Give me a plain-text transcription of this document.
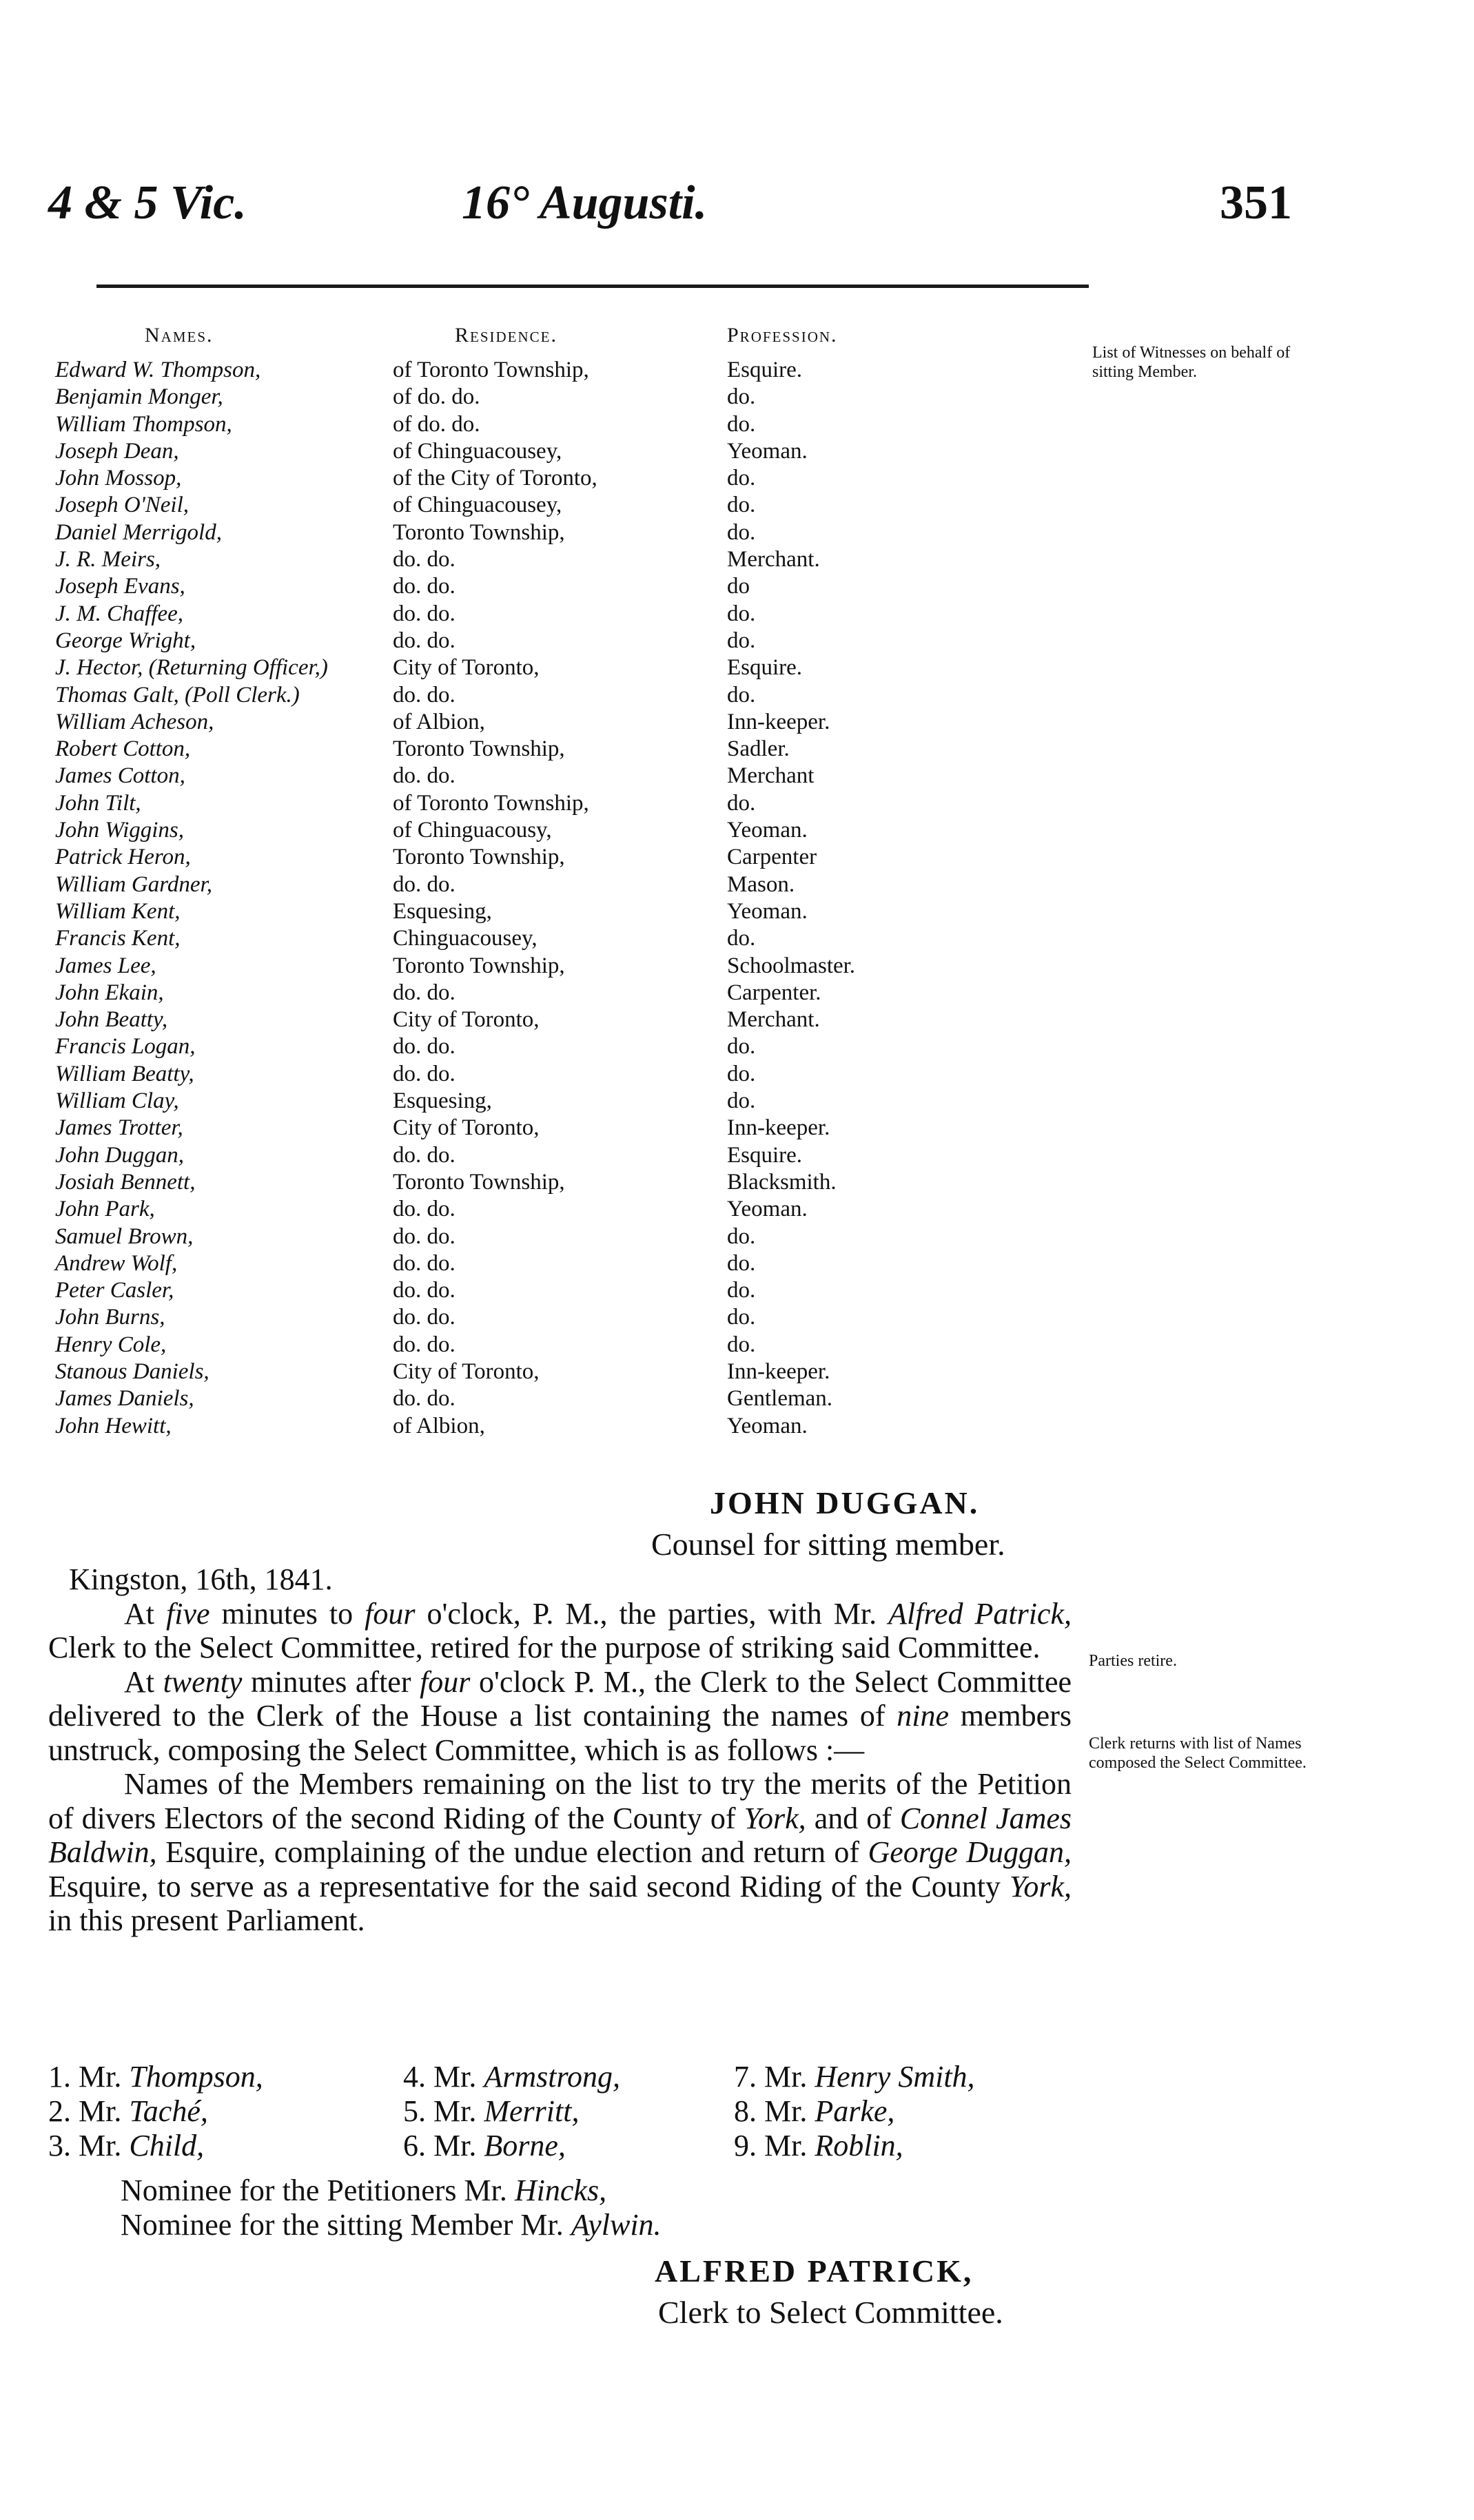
4 & 5 Vic.	16° Augusti.	351
Names.	Residence.	Profession.
Edward W. Thompson,	of Toronto Township,	Esquire.
Benjamin Monger,	of do. do.	do.
William Thompson,	of do. do.	do.
Joseph Dean,	of Chinguacousey,	Yeoman.
John Mossop,	of the City of Toronto,	do.
Joseph O'Neil,	of Chinguacousey,	do.
Daniel Merrigold,	Toronto Township,	do.
J. R. Meirs,	do. do.	Merchant.
Joseph Evans,	do. do.	do
J. M. Chaffee,	do. do.	do.
George Wright,	do. do.	do.
J. Hector, (Returning Officer,)	City of Toronto,	Esquire.
Thomas Galt, (Poll Clerk.)	do. do.	do.
William Acheson,	of Albion,	Inn-keeper.
Robert Cotton,	Toronto Township,	Sadler.
James Cotton,	do. do.	Merchant
John Tilt,	of Toronto Township,	do.
John Wiggins,	of Chinguacousy,	Yeoman.
Patrick Heron,	Toronto Township,	Carpenter
William Gardner,	do. do.	Mason.
William Kent,	Esquesing,	Yeoman.
Francis Kent,	Chinguacousey,	do.
James Lee,	Toronto Township,	Schoolmaster.
John Ekain,	do. do.	Carpenter.
John Beatty,	City of Toronto,	Merchant.
Francis Logan,	do. do.	do.
William Beatty,	do. do.	do.
William Clay,	Esquesing,	do.
James Trotter,	City of Toronto,	Inn-keeper.
John Duggan,	do. do.	Esquire.
Josiah Bennett,	Toronto Township,	Blacksmith.
John Park,	do. do.	Yeoman.
Samuel Brown,	do. do.	do.
Andrew Wolf,	do. do.	do.
Peter Casler,	do. do.	do.
John Burns,	do. do.	do.
Henry Cole,	do. do.	do.
Stanous Daniels,	City of Toronto,	Inn-keeper.
James Daniels,	do. do.	Gentleman.
John Hewitt,	of Albion,	Yeoman.
List of Witnesses on behalf of sitting Member.
JOHN DUGGAN.
Counsel for sitting member.

Kingston, 16th, 1841.

At five minutes to four o'clock, P. M., the parties, with Mr. Alfred Patrick, Clerk to the Select Committee, retired for the purpose of striking said Committee.

At twenty minutes after four o'clock P. M., the Clerk to the Select Committee delivered to the Clerk of the House a list containing the names of nine members unstruck, composing the Select Committee, which is as follows :—

Names of the Members remaining on the list to try the merits of the Petition of divers Electors of the second Riding of the County of York, and of Connel James Baldwin, Esquire, complaining of the undue election and return of George Duggan, Esquire, to serve as a representative for the said second Riding of the County York, in this present Parliament.

Parties retire.
Clerk returns with list of Names composed the Select Committee.
1. Mr. Thompson,
2. Mr. Taché,
3. Mr. Child,
4. Mr. Armstrong,
5. Mr. Merritt,
6. Mr. Borne,
7. Mr. Henry Smith,
8. Mr. Parke,
9. Mr. Roblin,
Nominee for the Petitioners Mr. Hincks,
Nominee for the sitting Member Mr. Aylwin.
ALFRED PATRICK,
Clerk to Select Committee.
